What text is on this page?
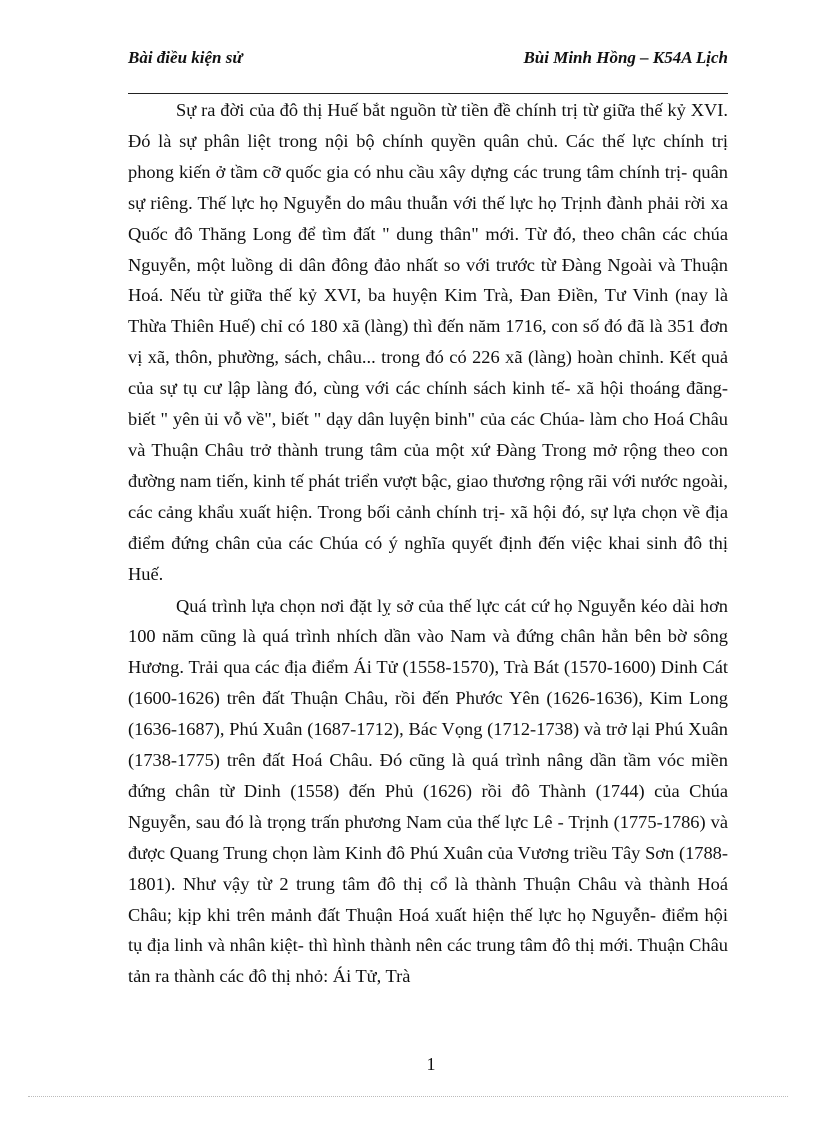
Bài điều kiện sử	Bùi Minh Hồng – K54A Lịch

Sự ra đời của đô thị Huế bắt nguồn từ tiền đề chính trị từ giữa thế kỷ XVI. Đó là sự phân liệt trong nội bộ chính quyền quân chủ. Các thế lực chính trị phong kiến ở tầm cỡ quốc gia có nhu cầu xây dựng các trung tâm chính trị- quân sự riêng. Thế lực họ Nguyễn do mâu thuẫn với thế lực họ Trịnh đành phải rời xa Quốc đô Thăng Long để tìm đất " dung thân" mới. Từ đó, theo chân các chúa Nguyễn, một luồng di dân đông đảo nhất so với trước từ Đàng Ngoài và Thuận Hoá. Nếu từ giữa thế kỷ XVI, ba huyện Kim Trà, Đan Điền, Tư Vinh (nay là Thừa Thiên Huế) chỉ có 180 xã (làng) thì đến năm 1716, con số đó đã là 351 đơn vị xã, thôn, phường, sách, châu... trong đó có 226 xã (làng) hoàn chỉnh. Kết quả của sự tụ cư lập làng đó, cùng với các chính sách kinh tế- xã hội thoáng đãng- biết " yên ủi vỗ về", biết " dạy dân luyện binh" của các Chúa- làm cho Hoá Châu và Thuận Châu trở thành trung tâm của một xứ Đàng Trong mở rộng theo con đường nam tiến, kinh tế phát triển vượt bậc, giao thương rộng rãi với nước ngoài, các cảng khẩu xuất hiện. Trong bối cảnh chính trị- xã hội đó, sự lựa chọn về địa điểm đứng chân của các Chúa có ý nghĩa quyết định đến việc khai sinh đô thị Huế.

Quá trình lựa chọn nơi đặt lỵ sở của thế lực cát cứ họ Nguyễn kéo dài hơn 100 năm cũng là quá trình nhích dần vào Nam và đứng chân hẳn bên bờ sông Hương. Trải qua các địa điểm Ái Tử (1558-1570), Trà Bát (1570-1600) Dinh Cát (1600-1626) trên đất Thuận Châu, rồi đến Phước Yên (1626-1636), Kim Long (1636-1687), Phú Xuân (1687-1712), Bác Vọng (1712-1738) và trở lại Phú Xuân (1738-1775) trên đất Hoá Châu. Đó cũng là quá trình nâng dần tầm vóc miền đứng chân từ Dinh (1558) đến Phủ (1626) rồi đô Thành (1744) của Chúa Nguyễn, sau đó là trọng trấn phương Nam của thế lực Lê - Trịnh (1775-1786) và được Quang Trung chọn làm Kinh đô Phú Xuân của Vương triều Tây Sơn (1788-1801). Như vậy từ 2 trung tâm đô thị cổ là thành Thuận Châu và thành Hoá Châu; kịp khi trên mảnh đất Thuận Hoá xuất hiện thế lực họ Nguyễn- điểm hội tụ địa linh và nhân kiệt- thì hình thành nên các trung tâm đô thị mới. Thuận Châu tản ra thành các đô thị nhỏ: Ái Tử, Trà

1
